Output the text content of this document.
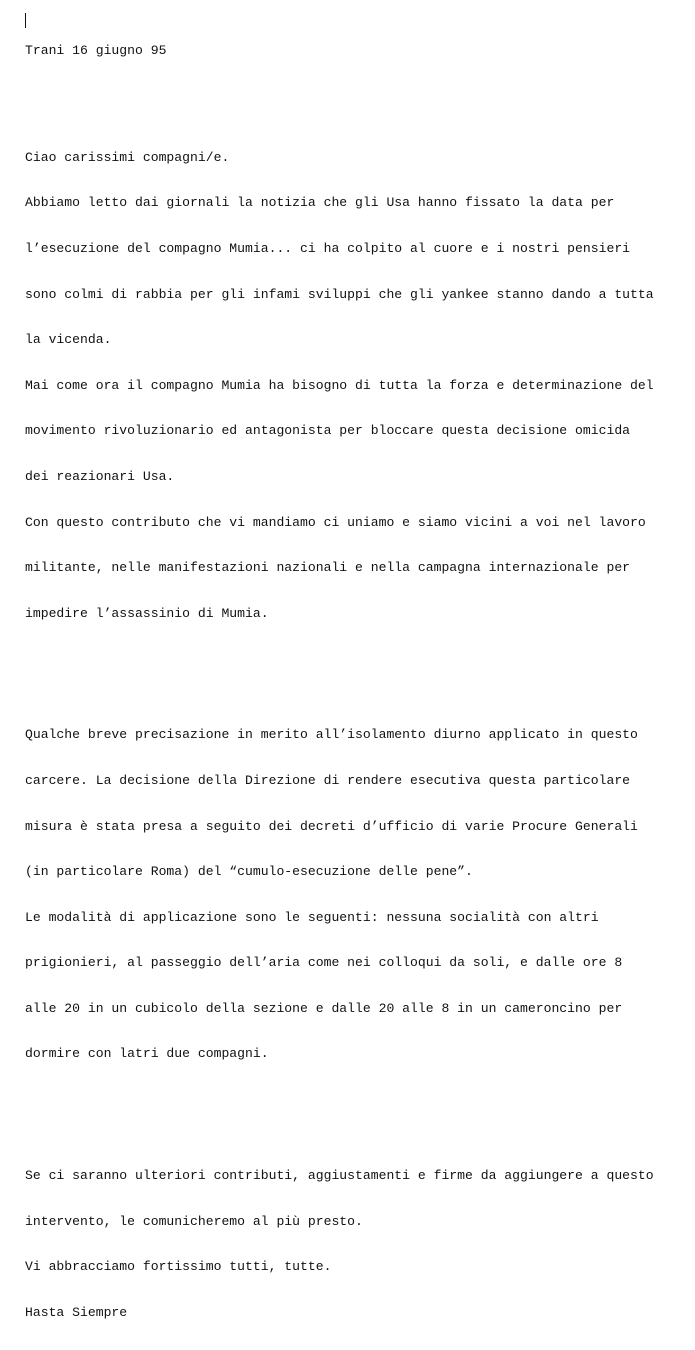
Trani 16 giugno 95

Ciao carissimi compagni/e.

Abbiamo letto dai giornali la notizia che gli Usa hanno fissato la data per

l’esecuzione del compagno Mumia... ci ha colpito al cuore e i nostri pensieri

sono colmi di rabbia per gli infami sviluppi che gli yankee stanno dando a tutta

la vicenda.

Mai come ora il compagno Mumia ha bisogno di tutta la forza e determinazione del

movimento rivoluzionario ed antagonista per bloccare questa decisione omicida

dei reazionari Usa.

Con questo contributo che vi mandiamo ci uniamo e siamo vicini a voi nel lavoro

militante, nelle manifestazioni nazionali e nella campagna internazionale per

impedire l’assassinio di Mumia.

Qualche breve precisazione in merito all’isolamento diurno applicato in questo

carcere. La decisione della Direzione di rendere esecutiva questa particolare

misura è stata presa a seguito dei decreti d’ufficio di varie Procure Generali

(in particolare Roma) del “cumulo-esecuzione delle pene”.

Le modalità di applicazione sono le seguenti: nessuna socialità con altri

prigionieri, al passeggio dell’aria come nei colloqui da soli, e dalle ore 8

alle 20 in un cubicolo della sezione e dalle 20 alle 8 in un cameroncino per

dormire con latri due compagni.

Se ci saranno ulteriori contributi, aggiustamenti e firme da aggiungere a questo

intervento, le comunicheremo al più presto.

Vi abbracciamo fortissimo tutti, tutte.

Hasta Siempre
